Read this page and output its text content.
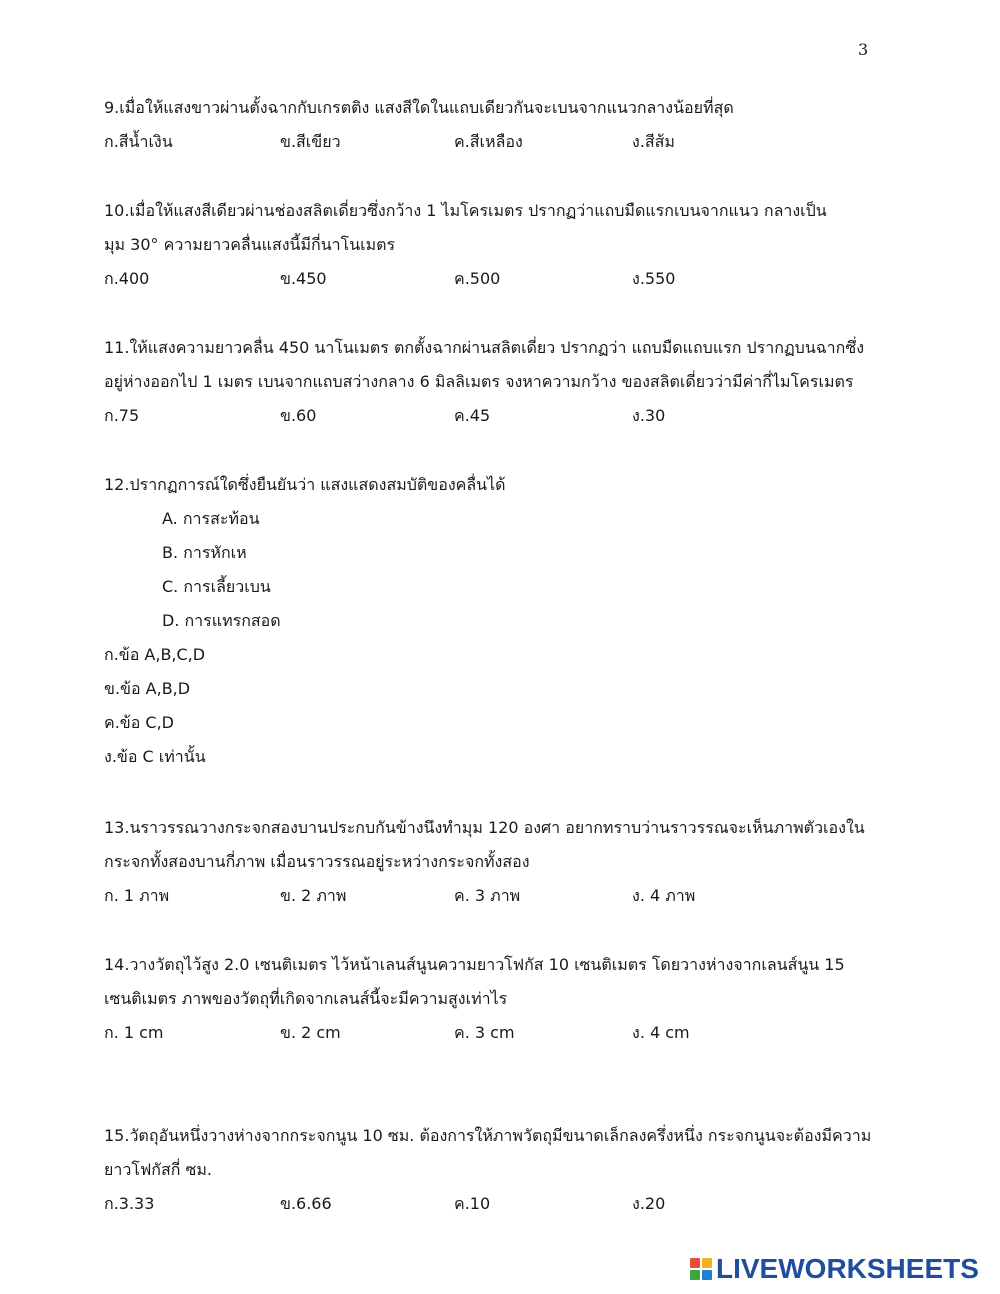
3
9.เมื่อให้แสงขาวผ่านตั้งฉากกับเกรตติง แสงสีใดในแถบเดียวกันจะเบนจากแนวกลางน้อยที่สุด
ก.สีน้ำเงิน	ข.สีเขียว	ค.สีเหลือง	ง.สีส้ม
10.เมื่อให้แสงสีเดียวผ่านช่องสลิตเดี่ยวซึ่งกว้าง 1 ไมโครเมตร ปรากฏว่าแถบมืดแรกเบนจากแนว กลางเป็น
มุม 30° ความยาวคลื่นแสงนี้มีกี่นาโนเมตร
ก.400	ข.450	ค.500	ง.550
11.ให้แสงความยาวคลื่น 450 นาโนเมตร ตกตั้งฉากผ่านสลิตเดี่ยว ปรากฏว่า แถบมืดแถบแรก ปรากฏบนฉากซึ่ง
อยู่ห่างออกไป 1 เมตร เบนจากแถบสว่างกลาง 6 มิลลิเมตร จงหาความกว้าง ของสลิตเดี่ยวว่ามีค่ากี่ไมโครเมตร
ก.75	ข.60	ค.45	ง.30
12.ปรากฏการณ์ใดซึ่งยืนยันว่า แสงแสดงสมบัติของคลื่นได้
A. การสะท้อน
B. การหักเห
C. การเลี้ยวเบน
D. การแทรกสอด
ก.ข้อ A,B,C,D
ข.ข้อ A,B,D
ค.ข้อ C,D
ง.ข้อ C เท่านั้น
13.นราวรรณวางกระจกสองบานประกบกันข้างนึงทำมุม 120 องศา อยากทราบว่านราวรรณจะเห็นภาพตัวเองใน
กระจกทั้งสองบานกี่ภาพ เมื่อนราวรรณอยู่ระหว่างกระจกทั้งสอง
ก. 1 ภาพ	ข. 2 ภาพ	ค. 3 ภาพ	ง. 4 ภาพ
14.วางวัตถุไว้สูง 2.0 เซนติเมตร ไว้หน้าเลนส์นูนความยาวโฟกัส 10 เซนติเมตร โดยวางห่างจากเลนส์นูน 15
เซนติเมตร ภาพของวัตถุที่เกิดจากเลนส์นี้จะมีความสูงเท่าไร
ก. 1 cm	ข. 2 cm	ค. 3 cm	ง. 4 cm
15.วัตถุอันหนึ่งวางห่างจากกระจกนูน 10 ซม. ต้องการให้ภาพวัตถุมีขนาดเล็กลงครึ่งหนึ่ง กระจกนูนจะต้องมีความ
ยาวโฟกัสกี่ ซม.
ก.3.33	ข.6.66	ค.10	ง.20
LIVEWORKSHEETS
